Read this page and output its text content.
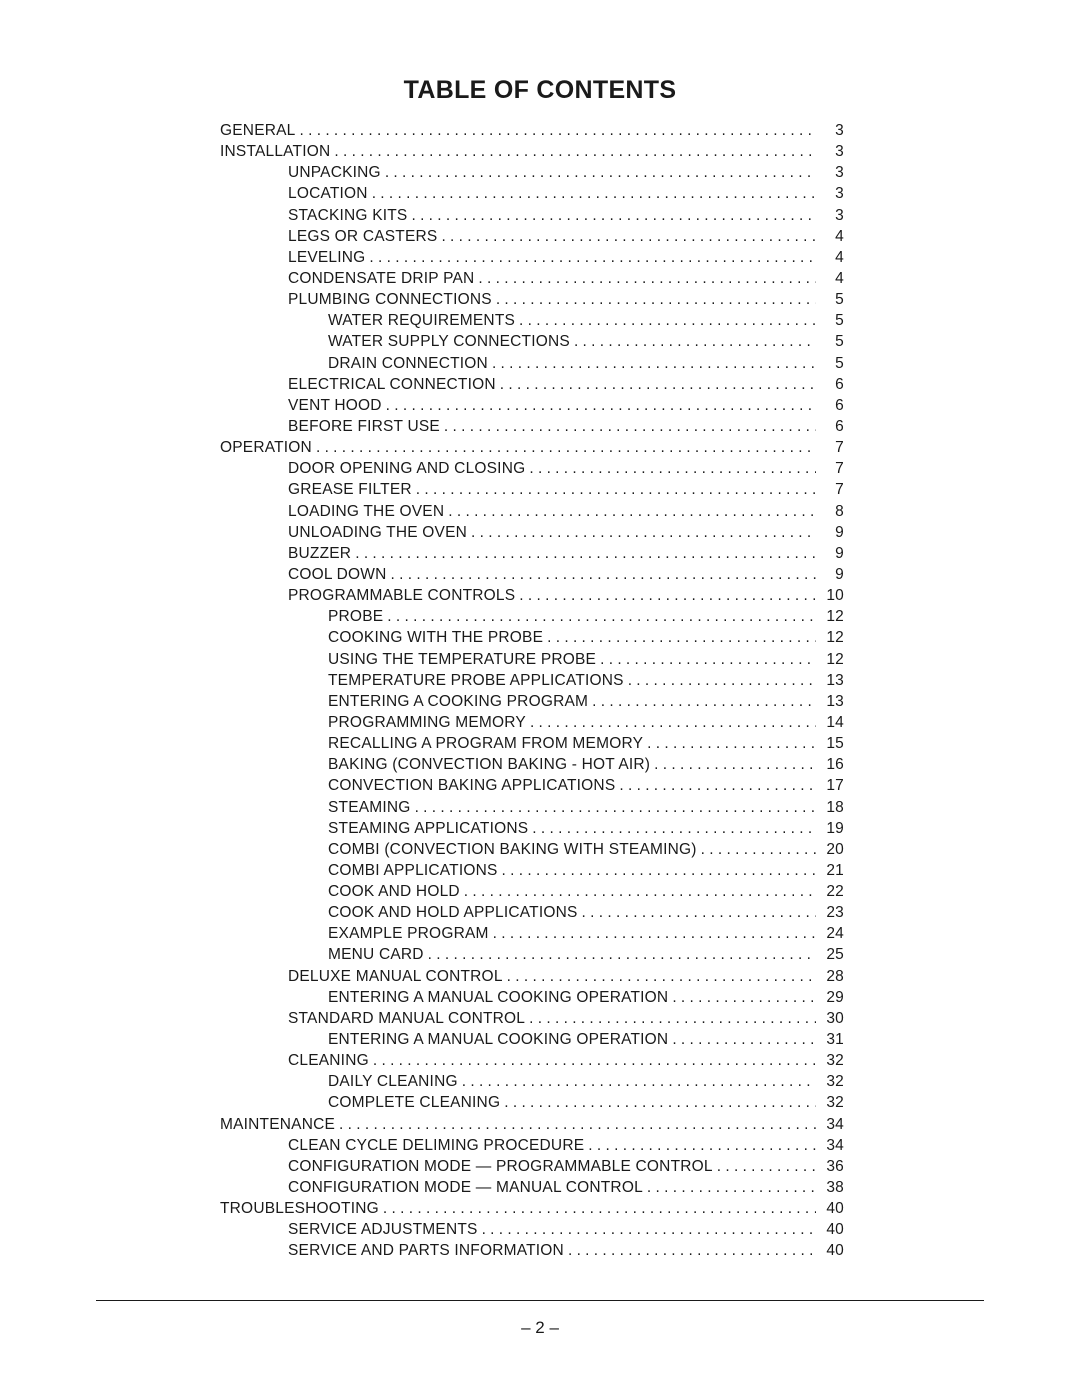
TABLE OF CONTENTS
GENERAL . . .	3
INSTALLATION . . .	3
UNPACKING . . .	3
LOCATION . . .	3
STACKING KITS . . .	3
LEGS OR CASTERS . . .	4
LEVELING . . .	4
CONDENSATE DRIP PAN . . .	4
PLUMBING CONNECTIONS . . .	5
WATER REQUIREMENTS . . .	5
WATER SUPPLY CONNECTIONS . . .	5
DRAIN CONNECTION . . .	5
ELECTRICAL CONNECTION . . .	6
VENT HOOD . . .	6
BEFORE FIRST USE . . .	6
OPERATION . . .	7
DOOR OPENING AND CLOSING . . .	7
GREASE FILTER . . .	7
LOADING THE OVEN . . .	8
UNLOADING THE OVEN . . .	9
BUZZER . . .	9
COOL DOWN . . .	9
PROGRAMMABLE CONTROLS . . .	10
PROBE . . .	12
COOKING WITH THE PROBE . . .	12
USING THE TEMPERATURE PROBE . . .	12
TEMPERATURE PROBE APPLICATIONS . . .	13
ENTERING A COOKING PROGRAM . . .	13
PROGRAMMING MEMORY . . .	14
RECALLING A PROGRAM FROM MEMORY . . .	15
BAKING (CONVECTION BAKING - HOT AIR) . . .	16
CONVECTION BAKING APPLICATIONS . . .	17
STEAMING . . .	18
STEAMING APPLICATIONS . . .	19
COMBI (CONVECTION BAKING WITH STEAMING) . . .	20
COMBI APPLICATIONS . . .	21
COOK AND HOLD . . .	22
COOK AND HOLD APPLICATIONS . . .	23
EXAMPLE PROGRAM . . .	24
MENU CARD . . .	25
DELUXE MANUAL CONTROL . . .	28
ENTERING A MANUAL COOKING OPERATION . . .	29
STANDARD MANUAL CONTROL . . .	30
ENTERING A MANUAL COOKING OPERATION . . .	31
CLEANING . . .	32
DAILY CLEANING . . .	32
COMPLETE CLEANING . . .	32
MAINTENANCE . . .	34
CLEAN CYCLE DELIMING PROCEDURE . . .	34
CONFIGURATION MODE — PROGRAMMABLE CONTROL . . .	36
CONFIGURATION MODE — MANUAL CONTROL . . .	38
TROUBLESHOOTING . . .	40
SERVICE ADJUSTMENTS . . .	40
SERVICE AND PARTS INFORMATION . . .	40
– 2 –
